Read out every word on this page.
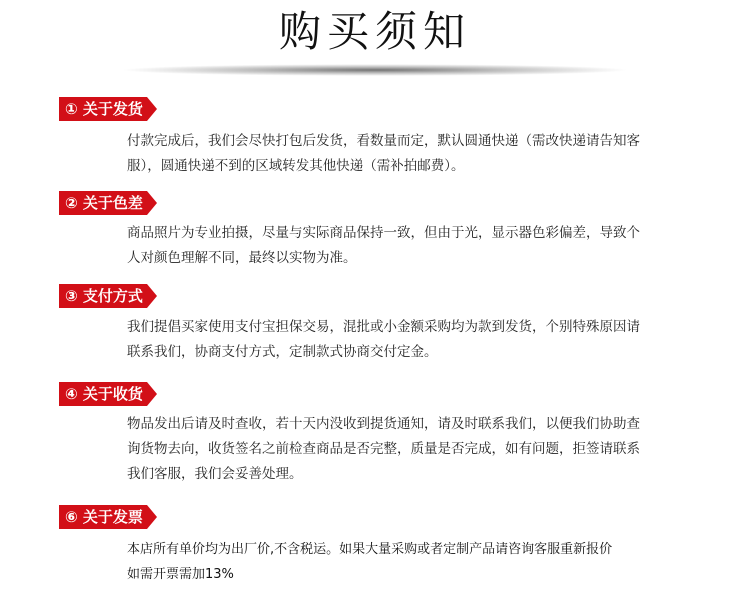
购买须知
① 关于发货

付款完成后，我们会尽快打包后发货，看数量而定，默认圆通快递（需改快递请告知客
服），圆通快递不到的区域转发其他快递（需补拍邮费）。

② 关于色差

商品照片为专业拍摄，尽量与实际商品保持一致，但由于光，显示器色彩偏差，导致个
人对颜色理解不同，最终以实物为准。

③ 支付方式

我们提倡买家使用支付宝担保交易，混批或小金额采购均为款到发货，个别特殊原因请
联系我们，协商支付方式，定制款式协商交付定金。

④ 关于收货

物品发出后请及时查收，若十天内没收到提货通知，请及时联系我们，以便我们协助查
询货物去向，收货签名之前检查商品是否完整，质量是否完成，如有问题，拒签请联系
我们客服，我们会妥善处理。

⑥ 关于发票

本店所有单价均为出厂价,不含税运。如果大量采购或者定制产品请咨询客服重新报价
如需开票需加13%
